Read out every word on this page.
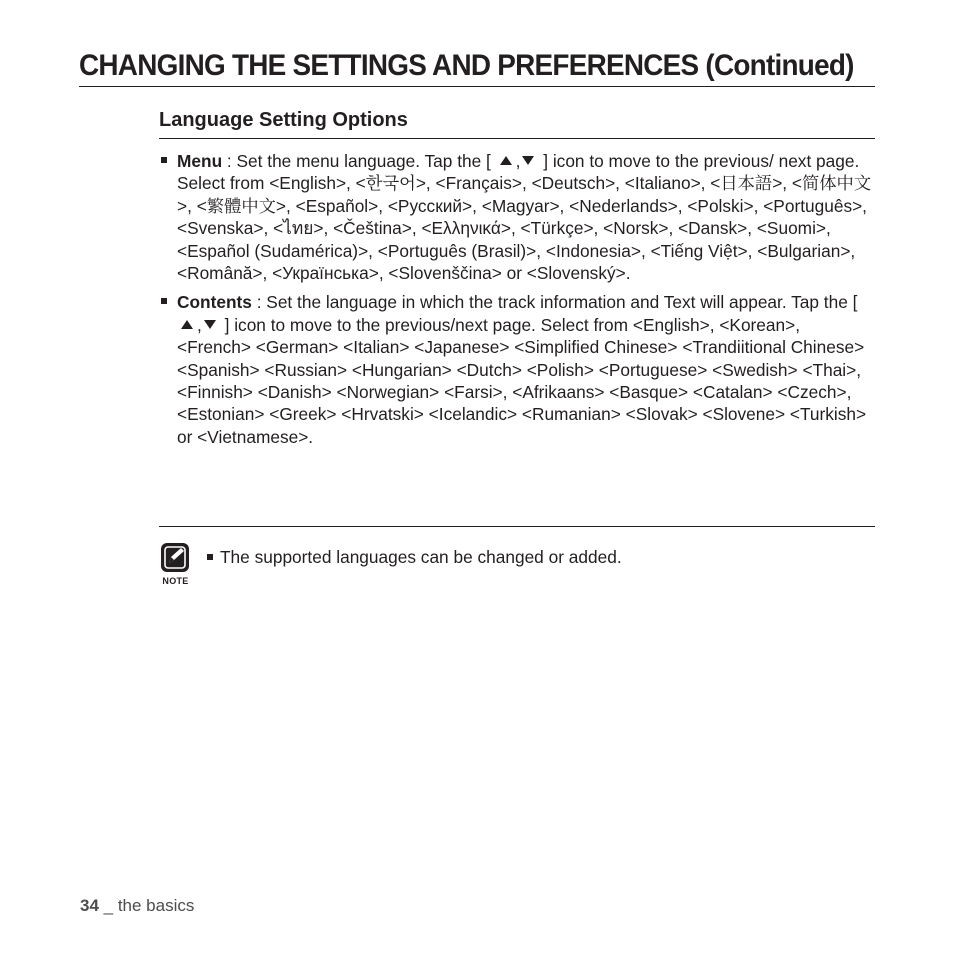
CHANGING THE SETTINGS AND PREFERENCES (Continued)
Language Setting Options
Menu : Set the menu language. Tap the [ , ] icon to move to the previous/ next page.
Select from <English>, <한국어>, <Français>, <Deutsch>, <Italiano>, <日本語>, <简体中文>, <繁體中文>, <Español>, <Русский>, <Magyar>, <Nederlands>, <Polski>, <Português>, <Svenska>, <ไทย>, <Čeština>, <Ελληνικά>, <Türkçe>, <Norsk>, <Dansk>, <Suomi>, <Español (Sudamérica)>, <Português (Brasil)>, <Indonesia>, <Tiếng Việt>, <Bulgarian>, <Română>, <Українська>, <Slovenščina> or <Slovenský>.
Contents : Set the language in which the track information and Text will appear. Tap the [ , ] icon to move to the previous/next page. Select from <English>, <Korean>, <French> <German> <Italian> <Japanese> <Simplified Chinese> <Trandiitional Chinese> <Spanish> <Russian> <Hungarian> <Dutch> <Polish> <Portuguese> <Swedish> <Thai>, <Finnish> <Danish> <Norwegian> <Farsi>, <Afrikaans> <Basque> <Catalan> <Czech>, <Estonian> <Greek> <Hrvatski> <Icelandic> <Rumanian> <Slovak> <Slovene> <Turkish> or <Vietnamese>.
NOTE
The supported languages can be changed or added.
34 _ the basics
